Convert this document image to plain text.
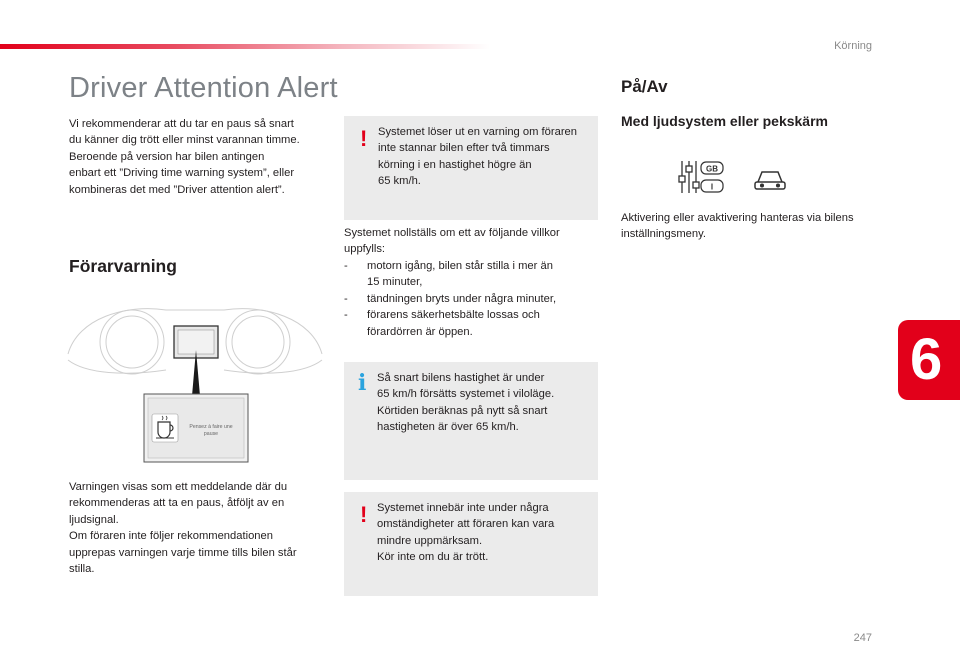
Körning
Driver Attention Alert

Vi rekommenderar att du tar en paus så snart
du känner dig trött eller minst varannan timme.
Beroende på version har bilen antingen
enbart ett ”Driving time warning system”, eller
kombineras det med ”Driver attention alert”.

Förarvarning
Pensez à faire une pause

Varningen visas som ett meddelande där du
rekommenderas att ta en paus, åtföljt av en
ljudsignal.
Om föraren inte följer rekommendationen
upprepas varningen varje timme tills bilen står
stilla.

! Systemet löser ut en varning om föraren
inte stannar bilen efter två timmars
körning i en hastighet högre än
65 km/h.

Systemet nollställs om ett av följande villkor
uppfylls:

- motorn igång, bilen står stilla i mer än
15 minuter,
- tändningen bryts under några minuter,
- förarens säkerhetsbälte lossas och
förardörren är öppen.
i Så snart bilens hastighet är under
65 km/h försätts systemet i viloläge.
Körtiden beräknas på nytt så snart
hastigheten är över 65 km/h.
! Systemet innebär inte under några
omständigheter att föraren kan vara
mindre uppmärksam.
Kör inte om du är trött.
På/Av
Med ljudsystem eller pekskärm
GB
I

Aktivering eller avaktivering hanteras via bilens
inställningsmeny.

6
247
